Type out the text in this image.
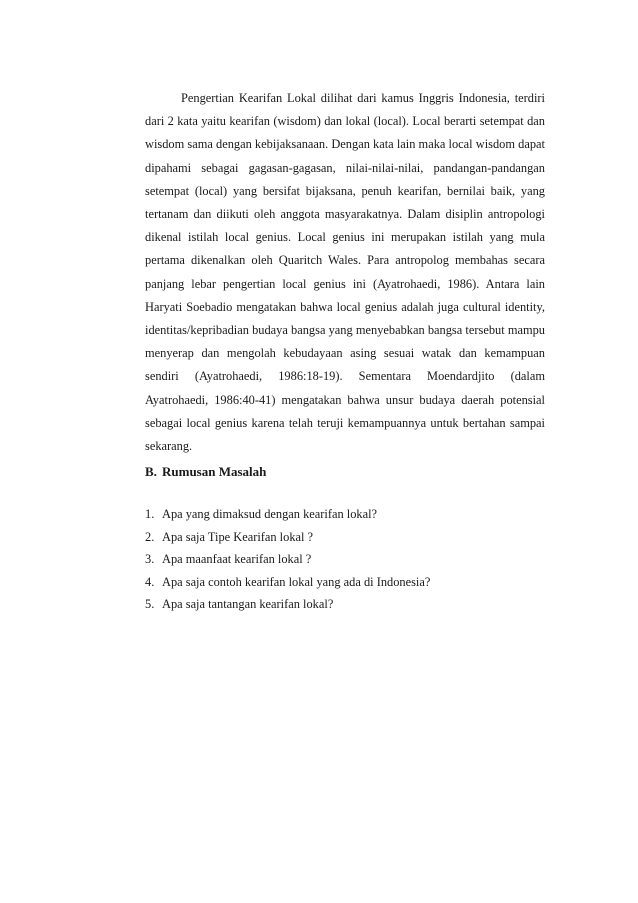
Pengertian Kearifan Lokal dilihat dari kamus Inggris Indonesia, terdiri dari 2 kata yaitu kearifan (wisdom) dan lokal (local). Local berarti setempat dan wisdom sama dengan kebijaksanaan. Dengan kata lain maka local wisdom dapat dipahami sebagai gagasan-gagasan, nilai-nilai-nilai, pandangan-pandangan setempat (local) yang bersifat bijaksana, penuh kearifan, bernilai baik, yang tertanam dan diikuti oleh anggota masyarakatnya. Dalam disiplin antropologi dikenal istilah local genius. Local genius ini merupakan istilah yang mula pertama dikenalkan oleh Quaritch Wales. Para antropolog membahas secara panjang lebar pengertian local genius ini (Ayatrohaedi, 1986). Antara lain Haryati Soebadio mengatakan bahwa local genius adalah juga cultural identity, identitas/kepribadian budaya bangsa yang menyebabkan bangsa tersebut mampu menyerap dan mengolah kebudayaan asing sesuai watak dan kemampuan sendiri (Ayatrohaedi, 1986:18-19). Sementara Moendardjito (dalam Ayatrohaedi, 1986:40-41) mengatakan bahwa unsur budaya daerah potensial sebagai local genius karena telah teruji kemampuannya untuk bertahan sampai sekarang.

B. Rumusan Masalah
1. Apa yang dimaksud dengan kearifan lokal?
2. Apa saja Tipe Kearifan lokal ?
3. Apa maanfaat kearifan lokal ?
4. Apa saja contoh kearifan lokal yang ada di Indonesia?
5. Apa saja tantangan kearifan lokal?
